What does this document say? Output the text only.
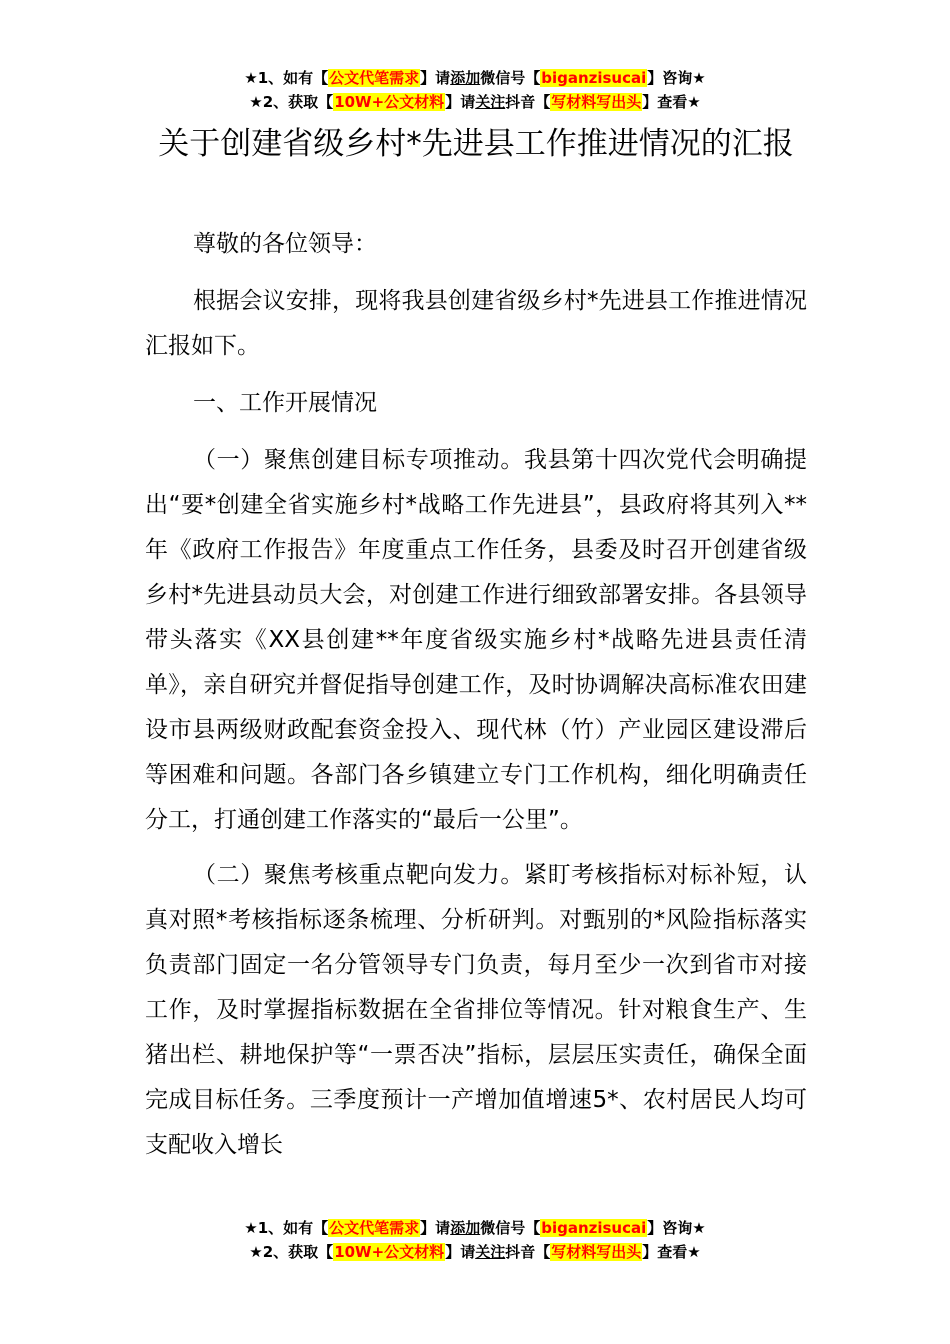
★1、如有【公文代笔需求】请添加微信号【biganzisucai】咨询★
★2、获取【10W+公文材料】请关注抖音【写材料写出头】查看★
关于创建省级乡村*先进县工作推进情况的汇报

尊敬的各位领导：

根据会议安排，现将我县创建省级乡村*先进县工作推进情况汇报如下。

一、工作开展情况

（一）聚焦创建目标专项推动。我县第十四次党代会明确提出“要*创建全省实施乡村*战略工作先进县”，县政府将其列入**年《政府工作报告》年度重点工作任务，县委及时召开创建省级乡村*先进县动员大会，对创建工作进行细致部署安排。各县领导带头落实《XX县创建**年度省级实施乡村*战略先进县责任清单》，亲自研究并督促指导创建工作，及时协调解决高标准农田建设市县两级财政配套资金投入、现代林（竹）产业园区建设滞后等困难和问题。各部门各乡镇建立专门工作机构，细化明确责任分工，打通创建工作落实的“最后一公里”。

（二）聚焦考核重点靶向发力。紧盯考核指标对标补短，认真对照*考核指标逐条梳理、分析研判。对甄别的*风险指标落实负责部门固定一名分管领导专门负责，每月至少一次到省市对接工作，及时掌握指标数据在全省排位等情况。针对粮食生产、生猪出栏、耕地保护等“一票否决”指标，层层压实责任，确保全面完成目标任务。三季度预计一产增加值增速5*、农村居民人均可支配收入增长

★1、如有【公文代笔需求】请添加微信号【biganzisucai】咨询★
★2、获取【10W+公文材料】请关注抖音【写材料写出头】查看★
